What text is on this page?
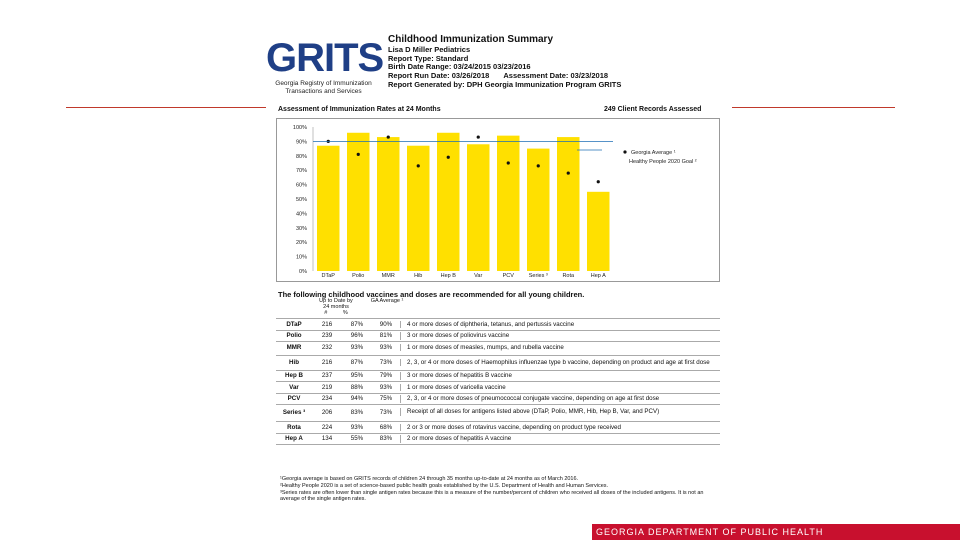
GRITS
Georgia Registry of Immunization
Transactions and Services
Childhood Immunization Summary
Lisa D Miller Pediatrics
Report Type: Standard
Birth Date Range: 03/24/2015 03/23/2016
Report Run Date: 03/26/2018 Assessment Date: 03/23/2018
Report Generated by: DPH Georgia Immunization Program GRITS
Assessment of Immunization Rates at 24 Months	249 Client Records Assessed
0%
10%
20%
30%
40%
50%
60%
70%
80%
90%
100%
DTaP	Polio	MMR	Hib	Hep B	Var	PCV	Series ³	Rota	Hep A
Georgia Average ¹
Healthy People 2020 Goal ²
The following childhood vaccines and doses are recommended for all young children.
Up to Date by 24 months
#	%
GA Average ¹
DTaP	216	87%	90%	4 or more doses of diphtheria, tetanus, and pertussis vaccine
Polio	239	96%	81%	3 or more doses of poliovirus vaccine
MMR	232	93%	93%	1 or more doses of measles, mumps, and rubella vaccine
Hib	216	87%	73%	2, 3, or 4 or more doses of Haemophilus influenzae type b vaccine, depending on product and age at first dose
Hep B	237	95%	79%	3 or more doses of hepatitis B vaccine
Var	219	88%	93%	1 or more doses of varicella vaccine
PCV	234	94%	75%	2, 3, or 4 or more doses of pneumococcal conjugate vaccine, depending on age at first dose
Series ³	206	83%	73%	Receipt of all doses for antigens listed above (DTaP, Polio, MMR, Hib, Hep B, Var, and PCV)
Rota	224	93%	68%	2 or 3 or more doses of rotavirus vaccine, depending on product type received
Hep A	134	55%	83%	2 or more doses of hepatitis A vaccine
¹Georgia average is based on GRITS records of children 24 through 35 months up-to-date at 24 months as of March 2016.
²Healthy People 2020 is a set of science-based public health goals established by the U.S. Department of Health and Human Services.
³Series rates are often lower than single antigen rates because this is a measure of the number/percent of children who received all doses of the included antigens. It is not an average of the single antigen rates.
GEORGIA DEPARTMENT OF PUBLIC HEALTH
